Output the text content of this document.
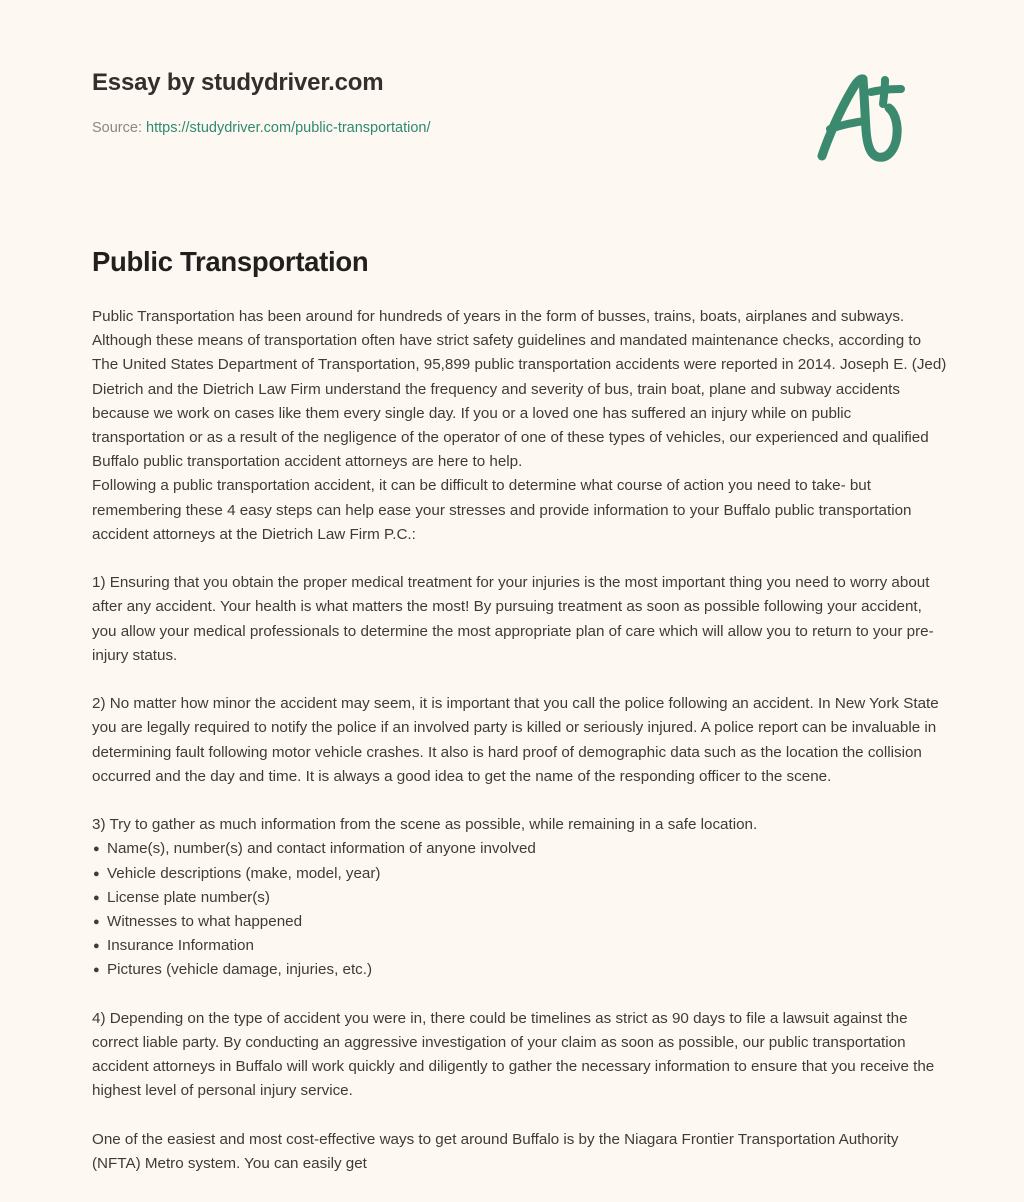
Essay by studydriver.com
Source: https://studydriver.com/public-transportation/
Public Transportation

Public Transportation has been around for hundreds of years in the form of busses, trains, boats, airplanes and subways. Although these means of transportation often have strict safety guidelines and mandated maintenance checks, according to The United States Department of Transportation, 95,899 public transportation accidents were reported in 2014. Joseph E. (Jed) Dietrich and the Dietrich Law Firm understand the frequency and severity of bus, train boat, plane and subway accidents because we work on cases like them every single day. If you or a loved one has suffered an injury while on public transportation or as a result of the negligence of the operator of one of these types of vehicles, our experienced and qualified Buffalo public transportation accident attorneys are here to help.

Following a public transportation accident, it can be difficult to determine what course of action you need to take- but remembering these 4 easy steps can help ease your stresses and provide information to your Buffalo public transportation accident attorneys at the Dietrich Law Firm P.C.:

1) Ensuring that you obtain the proper medical treatment for your injuries is the most important thing you need to worry about after any accident. Your health is what matters the most! By pursuing treatment as soon as possible following your accident, you allow your medical professionals to determine the most appropriate plan of care which will allow you to return to your pre-injury status.

2) No matter how minor the accident may seem, it is important that you call the police following an accident. In New York State you are legally required to notify the police if an involved party is killed or seriously injured. A police report can be invaluable in determining fault following motor vehicle crashes. It also is hard proof of demographic data such as the location the collision occurred and the day and time. It is always a good idea to get the name of the responding officer to the scene.

3) Try to gather as much information from the scene as possible, while remaining in a safe location.

● Name(s), number(s) and contact information of anyone involved
● Vehicle descriptions (make, model, year)
● License plate number(s)
● Witnesses to what happened
● Insurance Information
● Pictures (vehicle damage, injuries, etc.)

4) Depending on the type of accident you were in, there could be timelines as strict as 90 days to file a lawsuit against the correct liable party. By conducting an aggressive investigation of your claim as soon as possible, our public transportation accident attorneys in Buffalo will work quickly and diligently to gather the necessary information to ensure that you receive the highest level of personal injury service.

One of the easiest and most cost-effective ways to get around Buffalo is by the Niagara Frontier Transportation Authority (NFTA) Metro system. You can easily get
